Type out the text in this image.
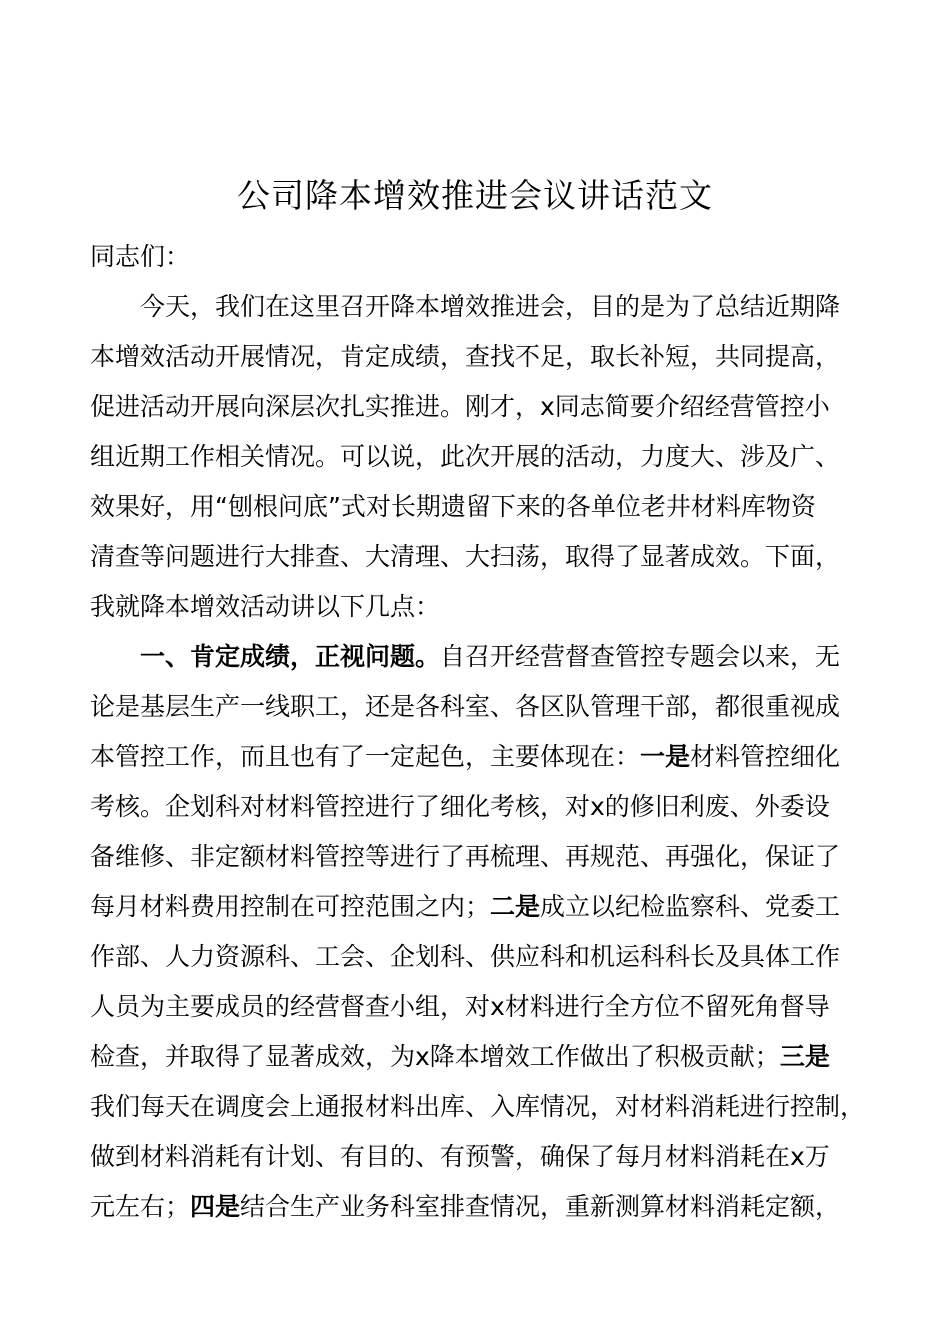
公司降本增效推进会议讲话范文
同志们：
今天，我们在这里召开降本增效推进会，目的是为了总结近期降
本增效活动开展情况，肯定成绩，查找不足，取长补短，共同提高，
促进活动开展向深层次扎实推进。刚才，x同志简要介绍经营管控小
组近期工作相关情况。可以说，此次开展的活动，力度大、涉及广、
效果好，用“刨根问底”式对长期遗留下来的各单位老井材料库物资
清查等问题进行大排查、大清理、大扫荡，取得了显著成效。下面，
我就降本增效活动讲以下几点：
一、肯定成绩，正视问题。自召开经营督查管控专题会以来，无
论是基层生产一线职工，还是各科室、各区队管理干部，都很重视成
本管控工作，而且也有了一定起色，主要体现在：一是材料管控细化
考核。企划科对材料管控进行了细化考核，对x的修旧利废、外委设
备维修、非定额材料管控等进行了再梳理、再规范、再强化，保证了
每月材料费用控制在可控范围之内；二是成立以纪检监察科、党委工
作部、人力资源科、工会、企划科、供应科和机运科科长及具体工作
人员为主要成员的经营督查小组，对x材料进行全方位不留死角督导
检查，并取得了显著成效，为x降本增效工作做出了积极贡献；三是
我们每天在调度会上通报材料出库、入库情况，对材料消耗进行控制，
做到材料消耗有计划、有目的、有预警，确保了每月材料消耗在x万
元左右；四是结合生产业务科室排查情况，重新测算材料消耗定额，
